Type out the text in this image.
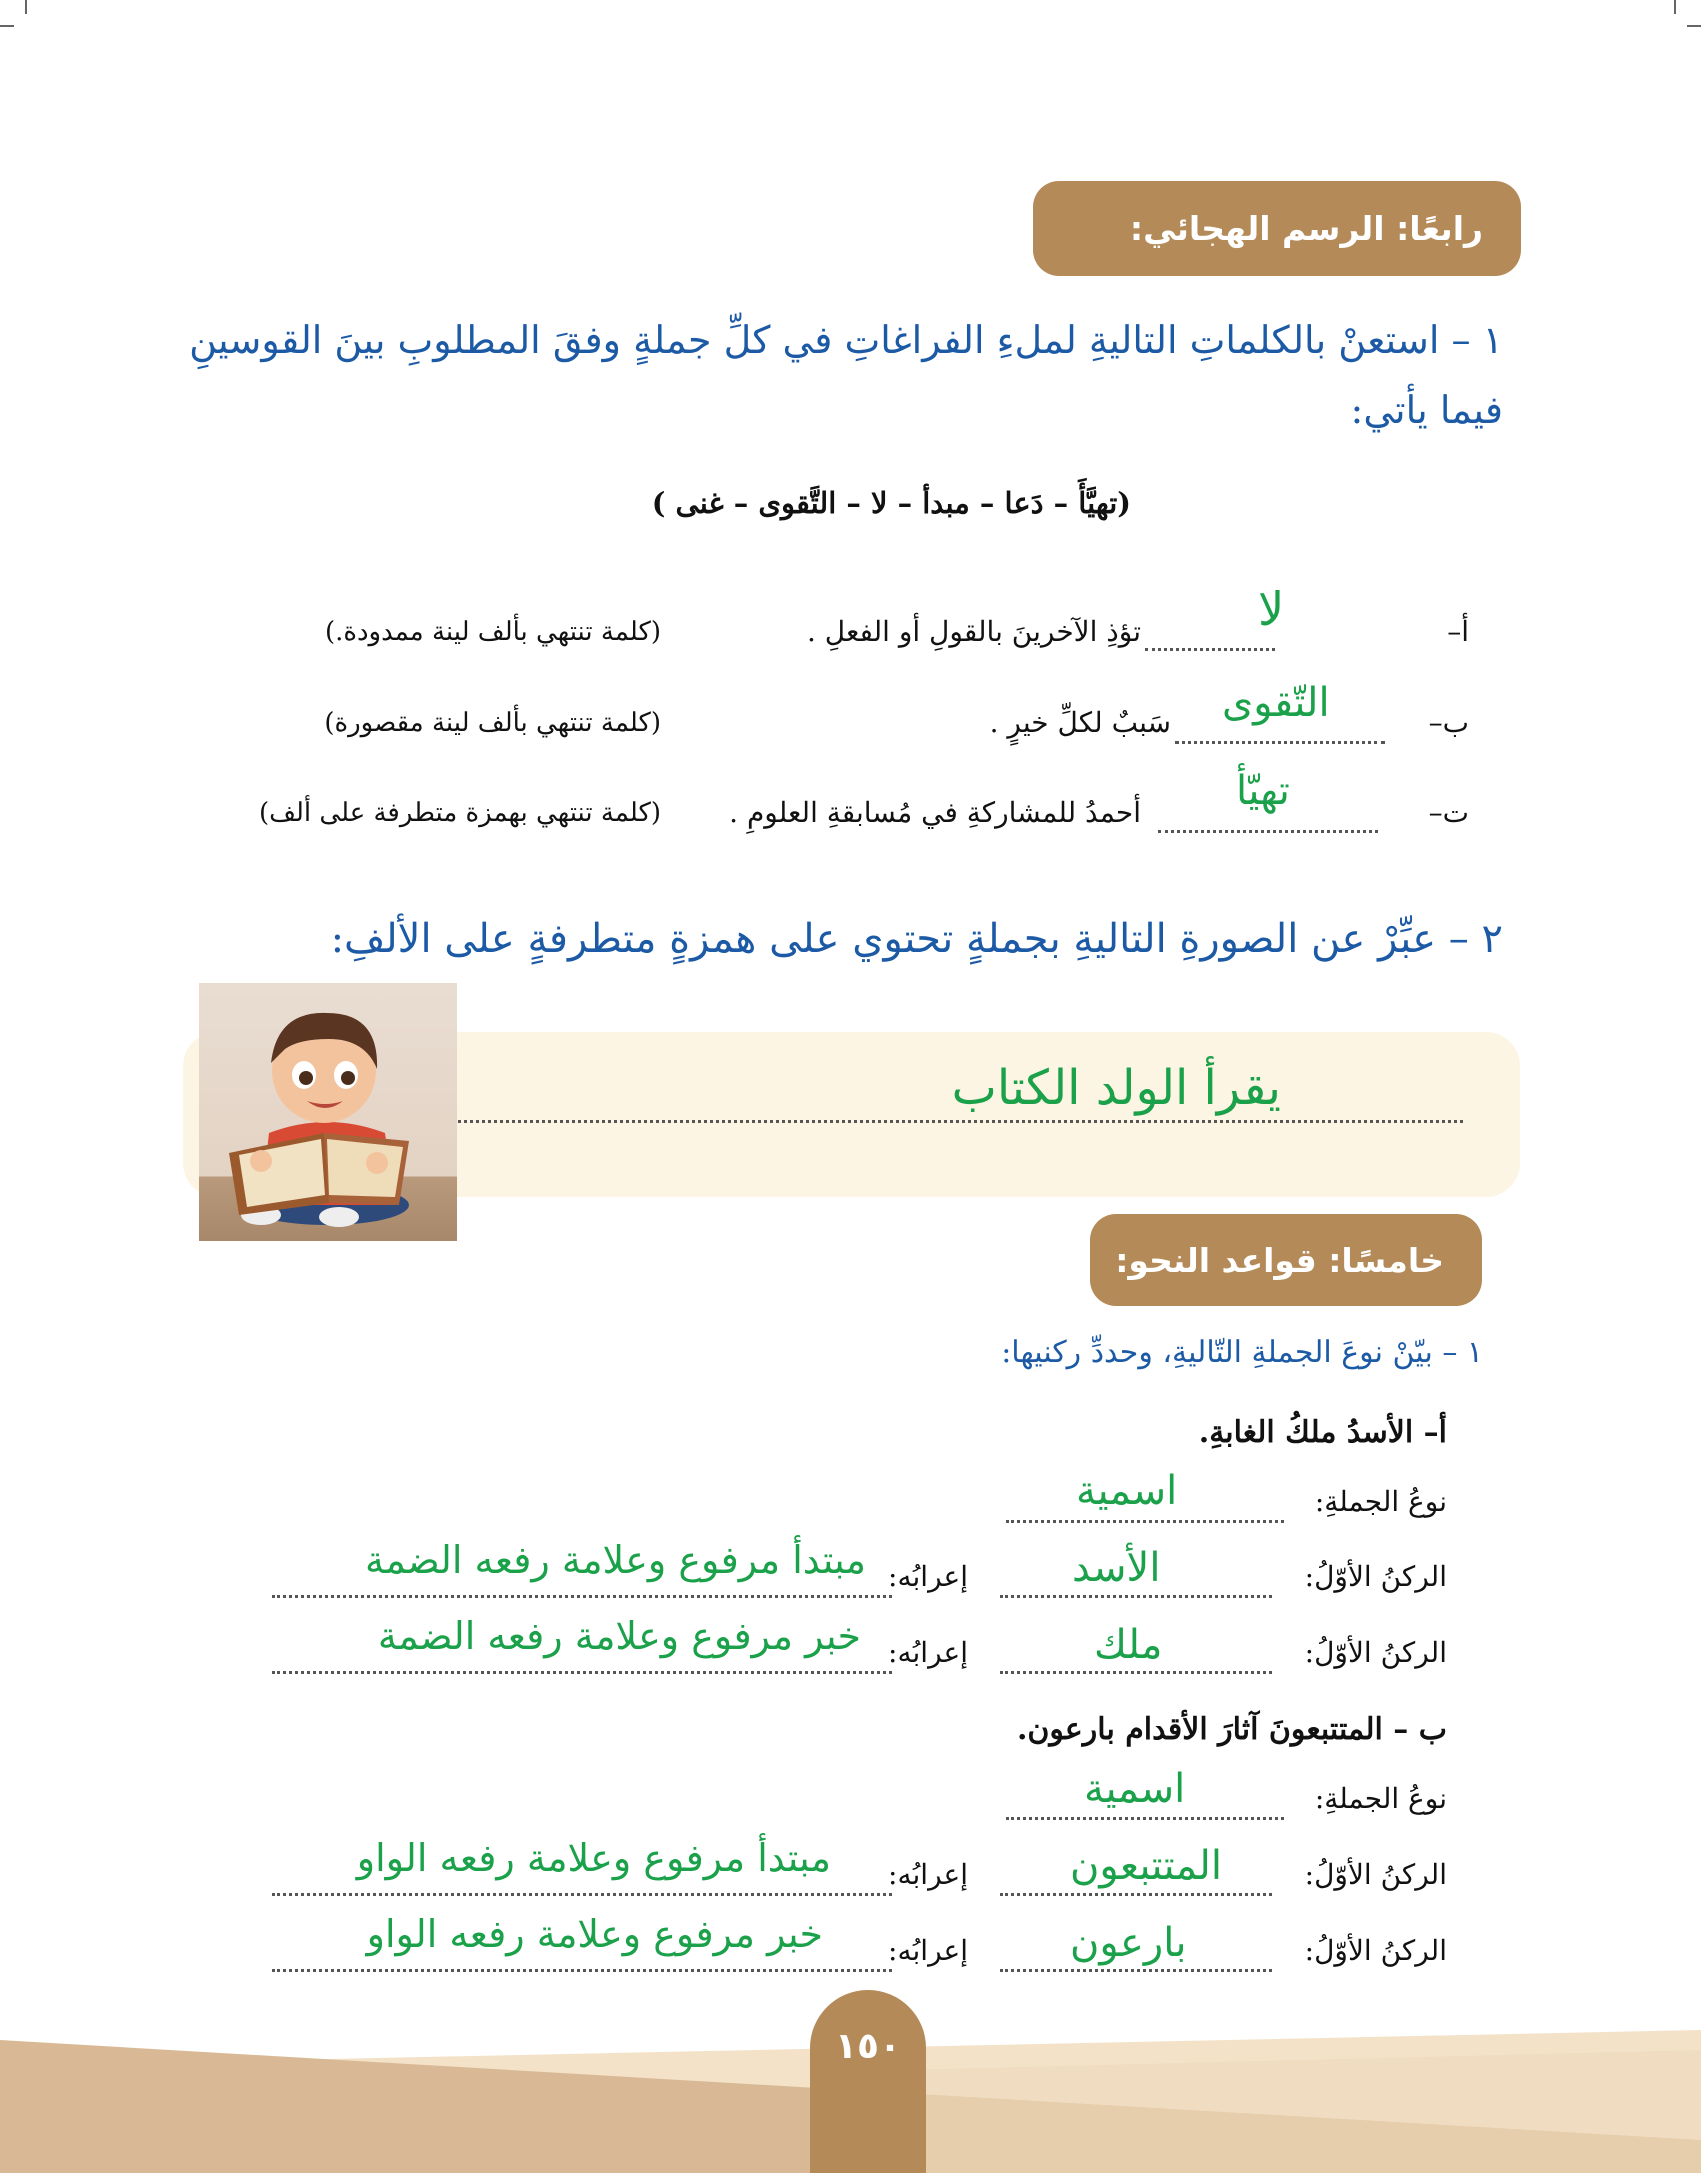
رابعًا: الرسم الهجائي:
١ – استعنْ بالكلماتِ التاليةِ لملءِ الفراغاتِ في كلِّ جملةٍ وفقَ المطلوبِ بينَ القوسينِ
فيما يأتي:
(تهيَّأَ – دَعا – مبدأ – لا – التَّقوى – غنى )
أ–
لا
تؤذِ الآخرينَ بالقولِ أو الفعلِ .
(كلمة تنتهي بألف لينة ممدودة.)
ب–
التّقوى
سَببٌ لكلِّ خيرٍ .
(كلمة تنتهي بألف لينة مقصورة)
ت–
تهيّأ
أحمدُ للمشاركةِ في مُسابقةِ العلومِ .
(كلمة تنتهي بهمزة متطرفة على ألف)
٢ – عبِّرْ عن الصورةِ التاليةِ بجملةٍ تحتوي على همزةٍ متطرفةٍ على الألفِ:
يقرأ الولد الكتاب
خامسًا: قواعد النحو:
١ – بيّنْ نوعَ الجملةِ التّاليةِ، وحددِّ ركنيها:
أ– الأسدُ ملكُ الغابةِ.
نوعُ الجملةِ:
اسمية
الركنُ الأوّلُ:
الأسد
إعرابُه:
مبتدأ مرفوع وعلامة رفعه الضمة
الركنُ الأوّلُ:
ملك
إعرابُه:
خبر مرفوع وعلامة رفعه الضمة
ب – المتتبعونَ آثارَ الأقدام بارعون.
نوعُ الجملةِ:
اسمية
الركنُ الأوّلُ:
المتتبعون
إعرابُه:
مبتدأ مرفوع وعلامة رفعه الواو
الركنُ الأوّلُ:
بارعون
إعرابُه:
خبر مرفوع وعلامة رفعه الواو
١٥٠
